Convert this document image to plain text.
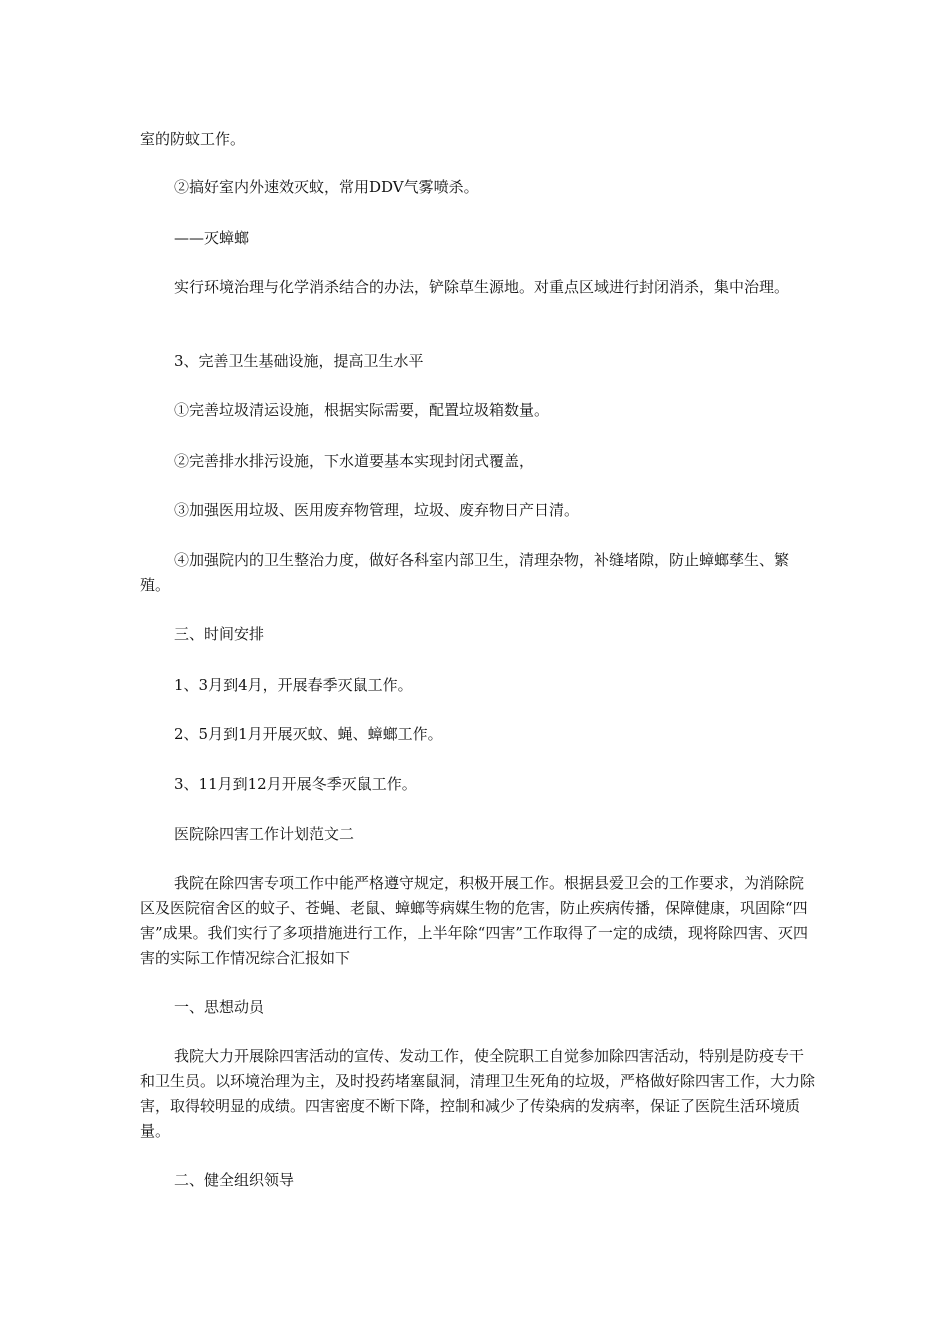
室的防蚊工作。

②搞好室内外速效灭蚊，常用DDV气雾喷杀。

——灭蟑螂

实行环境治理与化学消杀结合的办法，铲除草生源地。对重点区域进行封闭消杀，集中治理。

3、完善卫生基础设施，提高卫生水平

①完善垃圾清运设施，根据实际需要，配置垃圾箱数量。

②完善排水排污设施，下水道要基本实现封闭式覆盖，

③加强医用垃圾、医用废弃物管理，垃圾、废弃物日产日清。

④加强院内的卫生整治力度，做好各科室内部卫生，清理杂物，补缝堵隙，防止蟑螂孳生、繁殖。

三、时间安排

1、3月到4月，开展春季灭鼠工作。

2、5月到1月开展灭蚊、蝇、蟑螂工作。

3、11月到12月开展冬季灭鼠工作。

医院除四害工作计划范文二

我院在除四害专项工作中能严格遵守规定，积极开展工作。根据县爱卫会的工作要求，为消除院区及医院宿舍区的蚊子、苍蝇、老鼠、蟑螂等病媒生物的危害，防止疾病传播，保障健康，巩固除“四害”成果。我们实行了多项措施进行工作，上半年除“四害”工作取得了一定的成绩，现将除四害、灭四害的实际工作情况综合汇报如下

一、思想动员

我院大力开展除四害活动的宣传、发动工作，使全院职工自觉参加除四害活动，特别是防疫专干和卫生员。以环境治理为主，及时投药堵塞鼠洞，清理卫生死角的垃圾，严格做好除四害工作，大力除害，取得较明显的成绩。四害密度不断下降，控制和减少了传染病的发病率，保证了医院生活环境质量。

二、健全组织领导
